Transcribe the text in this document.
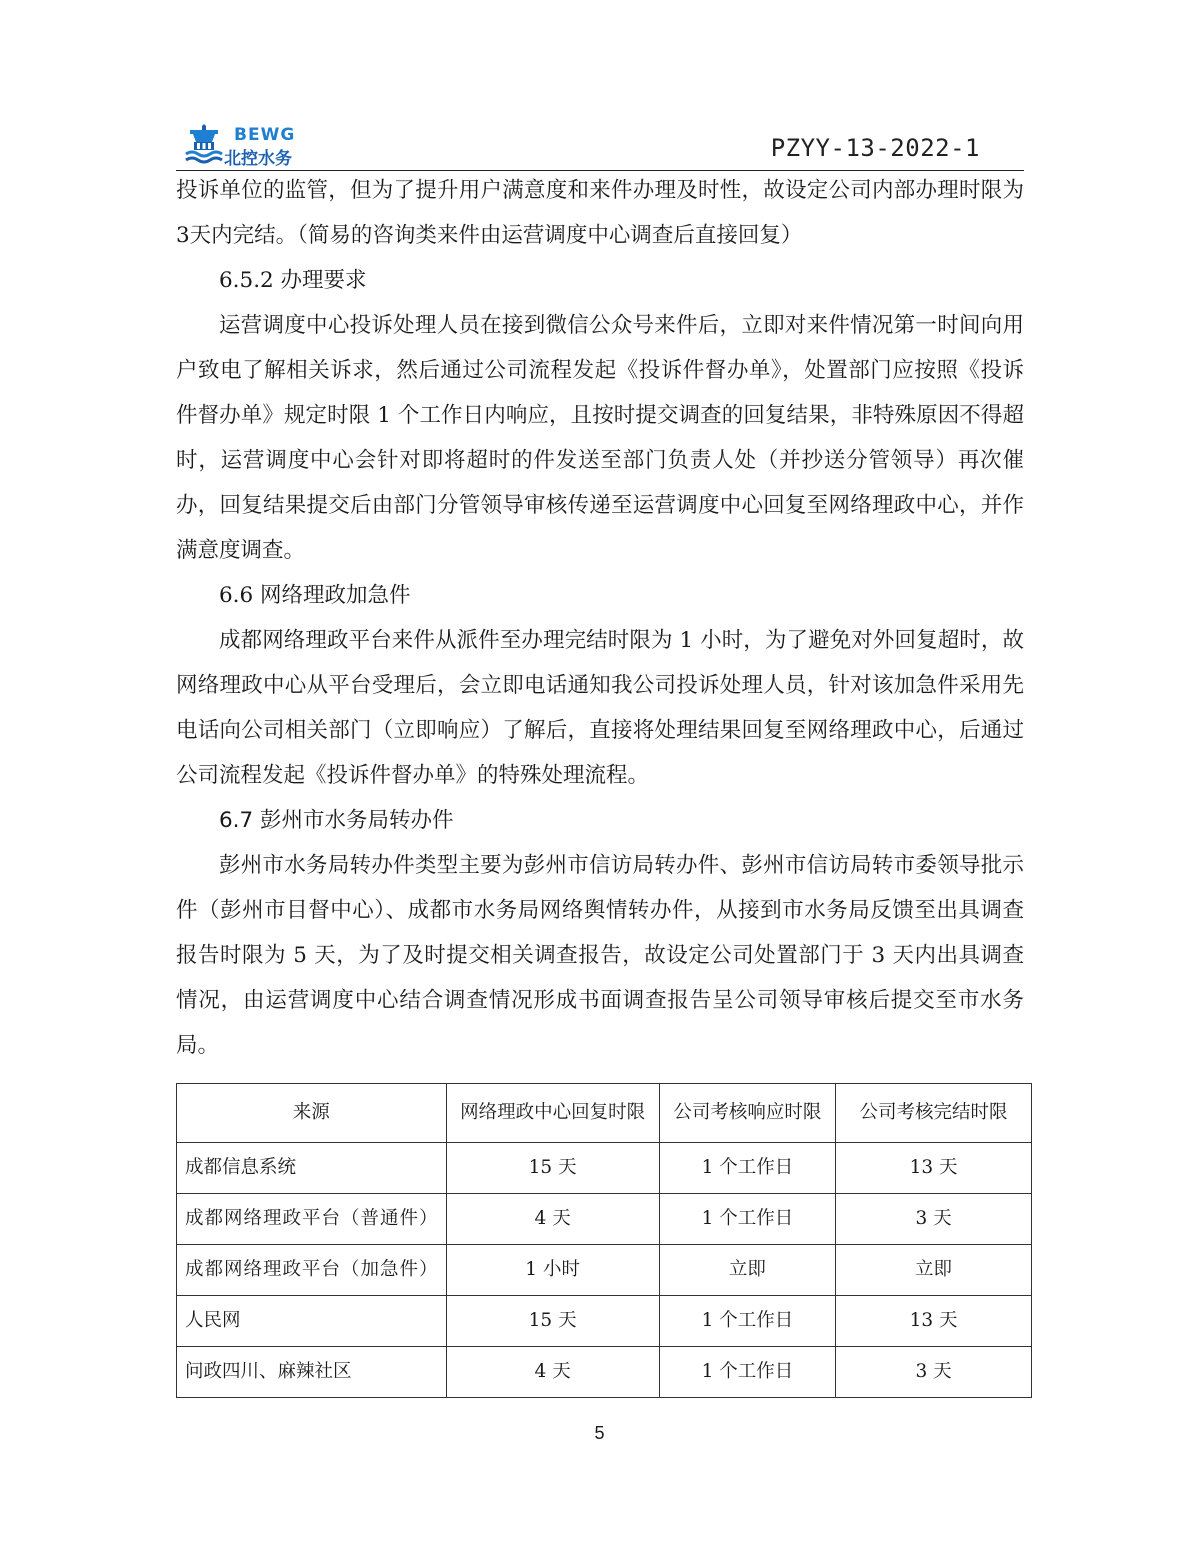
BEWG
北控水务	PZYY-13-2022-1

投诉单位的监管，但为了提升用户满意度和来件办理及时性，故设定公司内部办理时限为3天内完结。（简易的咨询类来件由运营调度中心调查后直接回复）

6.5.2 办理要求

运营调度中心投诉处理人员在接到微信公众号来件后，立即对来件情况第一时间向用户致电了解相关诉求，然后通过公司流程发起《投诉件督办单》，处置部门应按照《投诉件督办单》规定时限 1 个工作日内响应，且按时提交调查的回复结果，非特殊原因不得超时，运营调度中心会针对即将超时的件发送至部门负责人处（并抄送分管领导）再次催办，回复结果提交后由部门分管领导审核传递至运营调度中心回复至网络理政中心，并作满意度调查。

6.6 网络理政加急件

成都网络理政平台来件从派件至办理完结时限为 1 小时，为了避免对外回复超时，故网络理政中心从平台受理后，会立即电话通知我公司投诉处理人员，针对该加急件采用先电话向公司相关部门（立即响应）了解后，直接将处理结果回复至网络理政中心，后通过公司流程发起《投诉件督办单》的特殊处理流程。

6.7 彭州市水务局转办件

彭州市水务局转办件类型主要为彭州市信访局转办件、彭州市信访局转市委领导批示件（彭州市目督中心）、成都市水务局网络舆情转办件，从接到市水务局反馈至出具调查报告时限为 5 天，为了及时提交相关调查报告，故设定公司处置部门于 3 天内出具调查情况，由运营调度中心结合调查情况形成书面调查报告呈公司领导审核后提交至市水务局。

来源	网络理政中心回复时限	公司考核响应时限	公司考核完结时限
成都信息系统	15 天	1 个工作日	13 天
成都网络理政平台（普通件）	4 天	1 个工作日	3 天
成都网络理政平台（加急件）	1 小时	立即	立即
人民网	15 天	1 个工作日	13 天
问政四川、麻辣社区	4 天	1 个工作日	3 天
5
